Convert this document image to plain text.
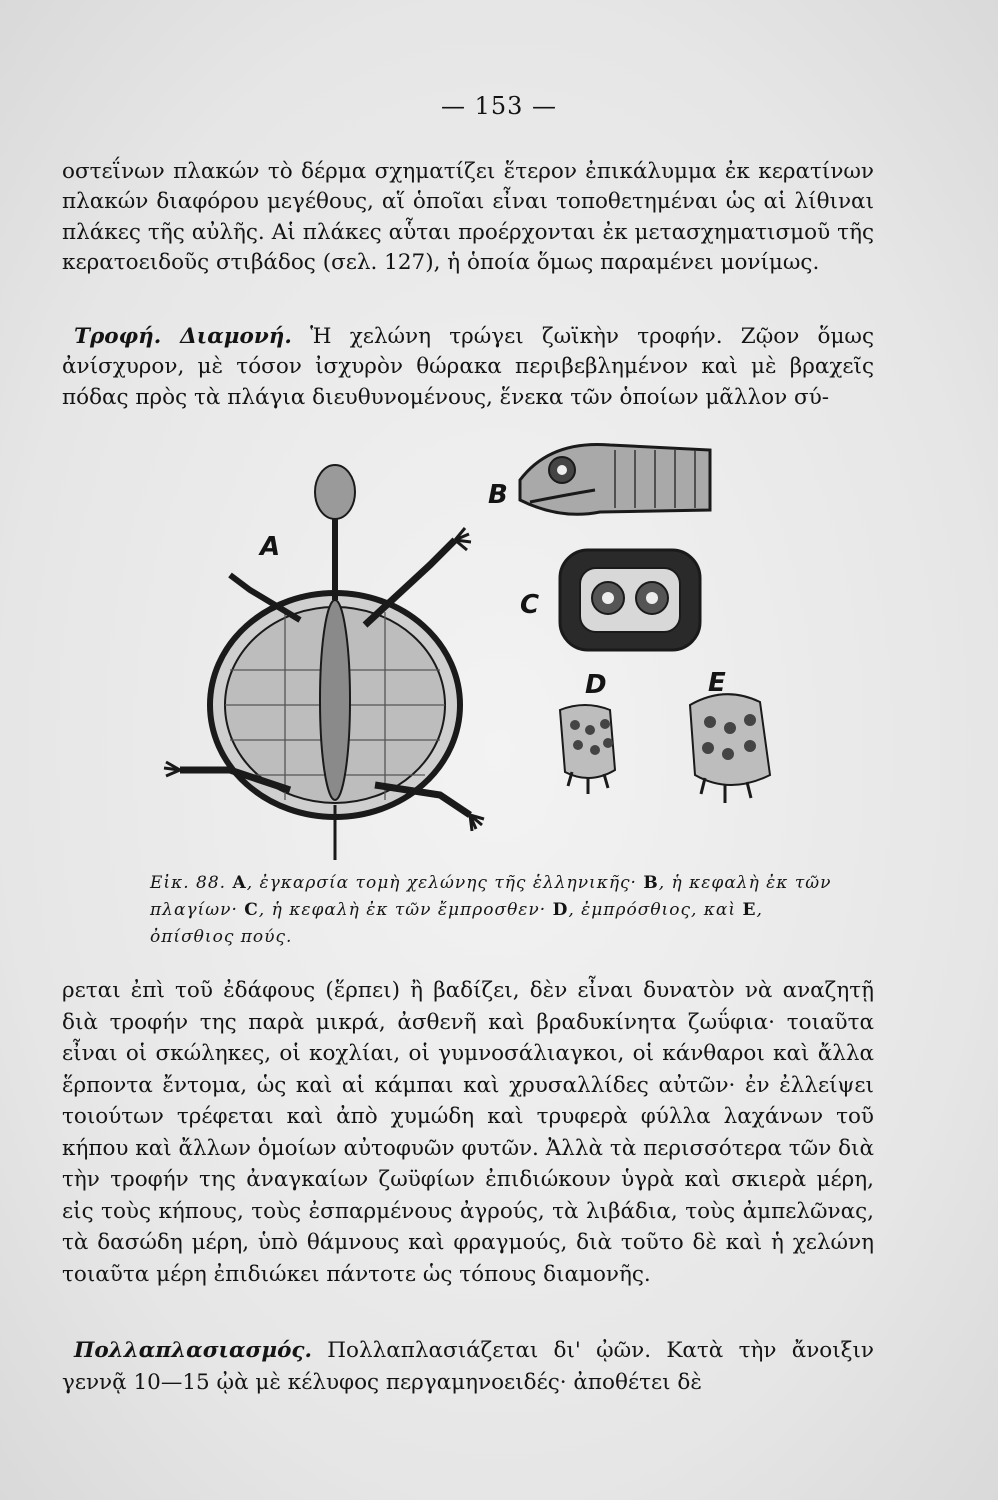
— 153 —

οστεΐνων πλακών τὸ δέρμα σχηματίζει ἕτερον ἐπικάλυμμα ἐκ κερατίνων πλακών διαφόρου μεγέθους, αἵ ὁποῖαι εἶναι τοποθετημέναι ὡς αἱ λίθιναι πλάκες τῆς αὐλῆς. Αἱ πλάκες αὗται προέρχονται ἐκ μετασχηματισμοῦ τῆς κερατοειδοῦς στιβάδος (σελ. 127), ἡ ὁποία ὅμως παραμένει μονίμως.

Τροφή. Διαμονή. Ἡ χελώνη τρώγει ζωϊκὴν τροφήν. Ζῷον ὅμως ἀνίσχυρον, μὲ τόσον ἰσχυρὸν θώρακα περιβεβλημένον καὶ μὲ βραχεῖς πόδας πρὸς τὰ πλάγια διευθυνομένους, ἕνεκα τῶν ὁποίων μᾶλλον σύ-

A
B
C
D	E
Εἰκ. 88. A, ἐγκαρσία τομὴ χελώνης τῆς ἑλληνικῆς· B, ἡ κεφαλὴ ἐκ τῶν πλαγίων· C, ἡ κεφαλὴ ἐκ τῶν ἔμπροσθεν· D, ἐμπρόσθιος, καὶ E, ὀπίσθιος πούς.

ρεται ἐπὶ τοῦ ἐδάφους (ἕρπει) ἢ βαδίζει, δὲν εἶναι δυνατὸν νὰ αναζητῇ διὰ τροφήν της παρὰ μικρά, ἀσθενῆ καὶ βραδυκίνητα ζωΰφια· τοιαῦτα εἶναι οἱ σκώληκες, οἱ κοχλίαι, οἱ γυμνοσάλιαγκοι, οἱ κάνθαροι καὶ ἄλλα ἕρποντα ἔντομα, ὡς καὶ αἱ κάμπαι καὶ χρυσαλλίδες αὐτῶν· ἐν ἐλλείψει τοιούτων τρέφεται καὶ ἀπὸ χυμώδη καὶ τρυφερὰ φύλλα λαχάνων τοῦ κήπου καὶ ἄλλων ὁμοίων αὐτοφυῶν φυτῶν. Ἀλλὰ τὰ περισσότερα τῶν διὰ τὴν τροφήν της ἀναγκαίων ζωϋφίων ἐπιδιώκουν ὑγρὰ καὶ σκιερὰ μέρη, εἰς τοὺς κήπους, τοὺς ἐσπαρμένους ἀγρούς, τὰ λιβάδια, τοὺς ἀμπελῶνας, τὰ δασώδη μέρη, ὑπὸ θάμνους καὶ φραγμούς, διὰ τοῦτο δὲ καὶ ἡ χελώνη τοιαῦτα μέρη ἐπιδιώκει πάντοτε ὡς τόπους διαμονῆς.

Πολλαπλασιασμός. Πολλαπλασιάζεται δι' ᾠῶν. Κατὰ τὴν ἄνοιξιν γεννᾷ 10—15 ᾠὰ μὲ κέλυφος περγαμηνοειδές· ἀποθέτει δὲ
